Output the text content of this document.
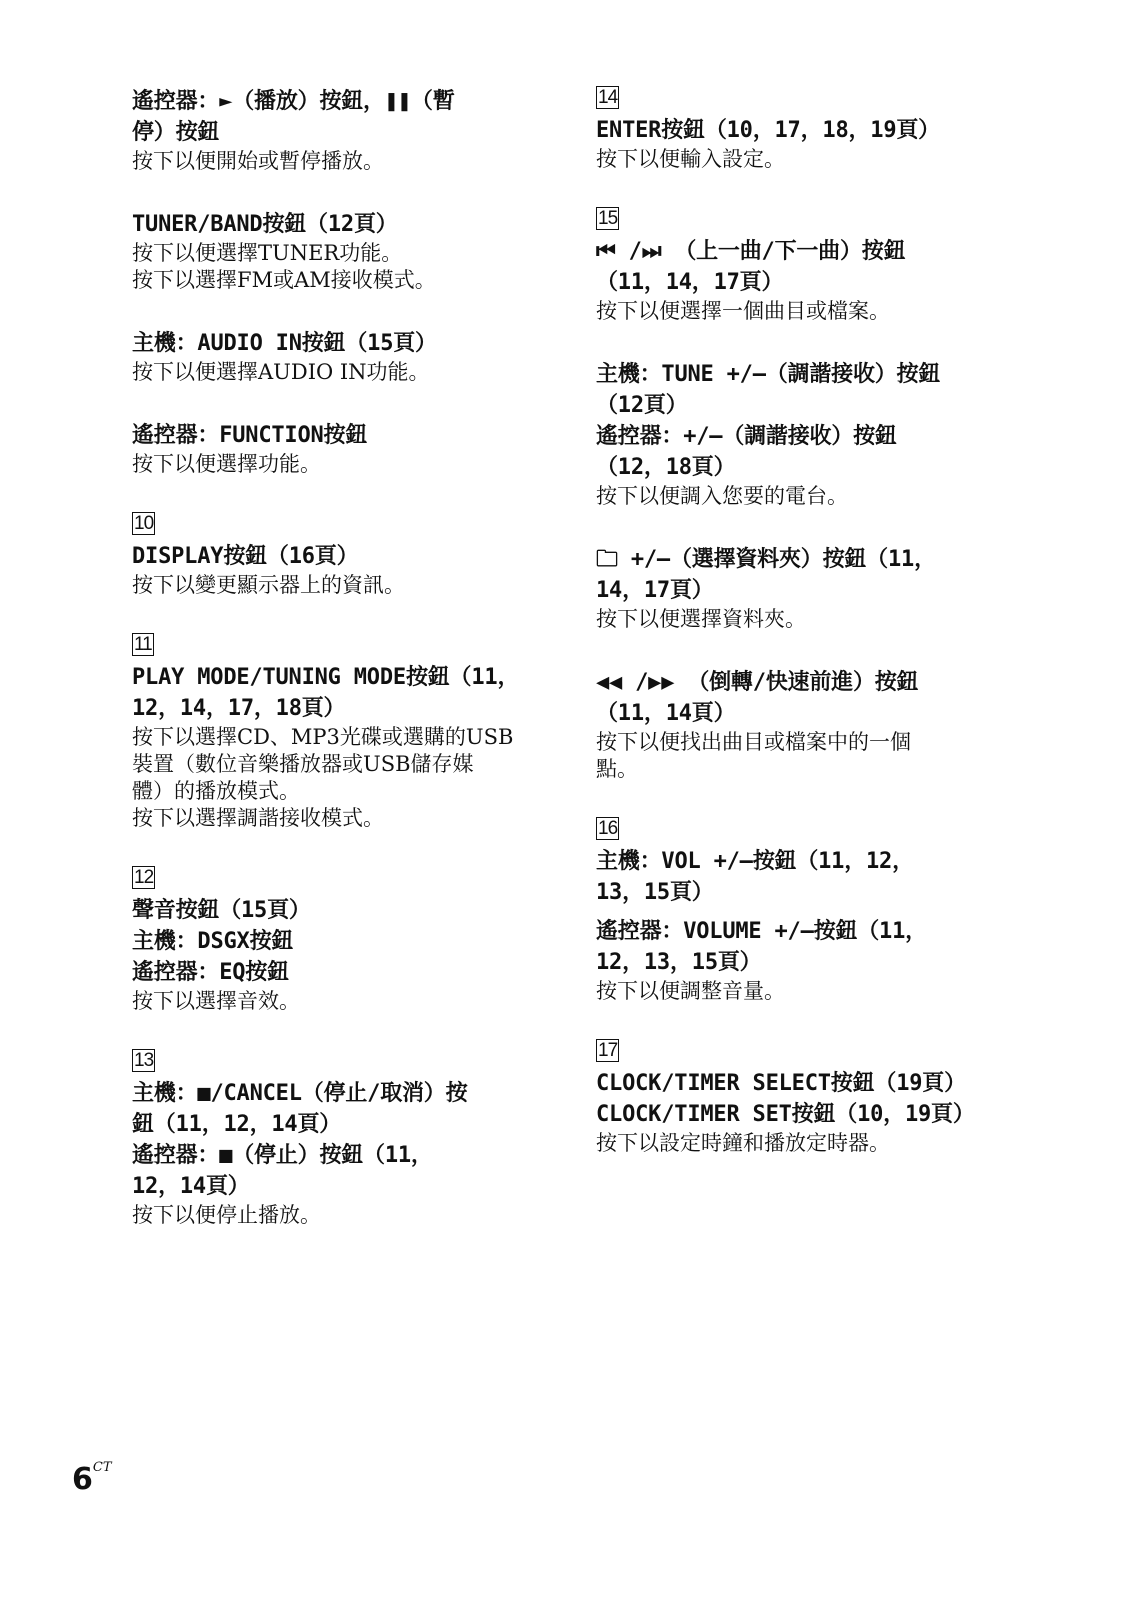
遙控器：►（播放）按鈕，❚❚（暫

停）按鈕

按下以便開始或暫停播放。

TUNER/BAND按鈕（12頁）

按下以便選擇TUNER功能。

按下以選擇FM或AM接收模式。

主機：AUDIO IN按鈕（15頁）

按下以便選擇AUDIO IN功能。

遙控器：FUNCTION按鈕

按下以便選擇功能。

10

DISPLAY按鈕（16頁）

按下以變更顯示器上的資訊。

11

PLAY MODE/TUNING MODE按鈕（11，

12，14，17，18頁）

按下以選擇CD、MP3光碟或選購的USB

裝置（數位音樂播放器或USB儲存媒

體）的播放模式。

按下以選擇調諧接收模式。

12

聲音按鈕（15頁）

主機：DSGX按鈕

遙控器：EQ按鈕

按下以選擇音效。

13

主機：■/CANCEL（停止/取消）按

鈕（11，12，14頁）

遙控器：■（停止）按鈕（11，

12，14頁）

按下以便停止播放。

14

ENTER按鈕（10，17，18，19頁）

按下以便輸入設定。

15

⏮ /⏭ （上一曲/下一曲）按鈕

（11，14，17頁）

按下以便選擇一個曲目或檔案。

主機：TUNE +/–（調諧接收）按鈕

（12頁）

遙控器：+/–（調諧接收）按鈕

（12，18頁）

按下以便調入您要的電台。

🗀 +/–（選擇資料夾）按鈕（11，

14，17頁）

按下以便選擇資料夾。

◀◀ /▶▶ （倒轉/快速前進）按鈕

（11，14頁）

按下以便找出曲目或檔案中的一個

點。

16

主機：VOL +/–按鈕（11，12，

13，15頁）

遙控器：VOLUME +/–按鈕（11，

12，13，15頁）

按下以便調整音量。

17

CLOCK/TIMER SELECT按鈕（19頁）

CLOCK/TIMER SET按鈕（10，19頁）

按下以設定時鐘和播放定時器。

$6^{CT}$
